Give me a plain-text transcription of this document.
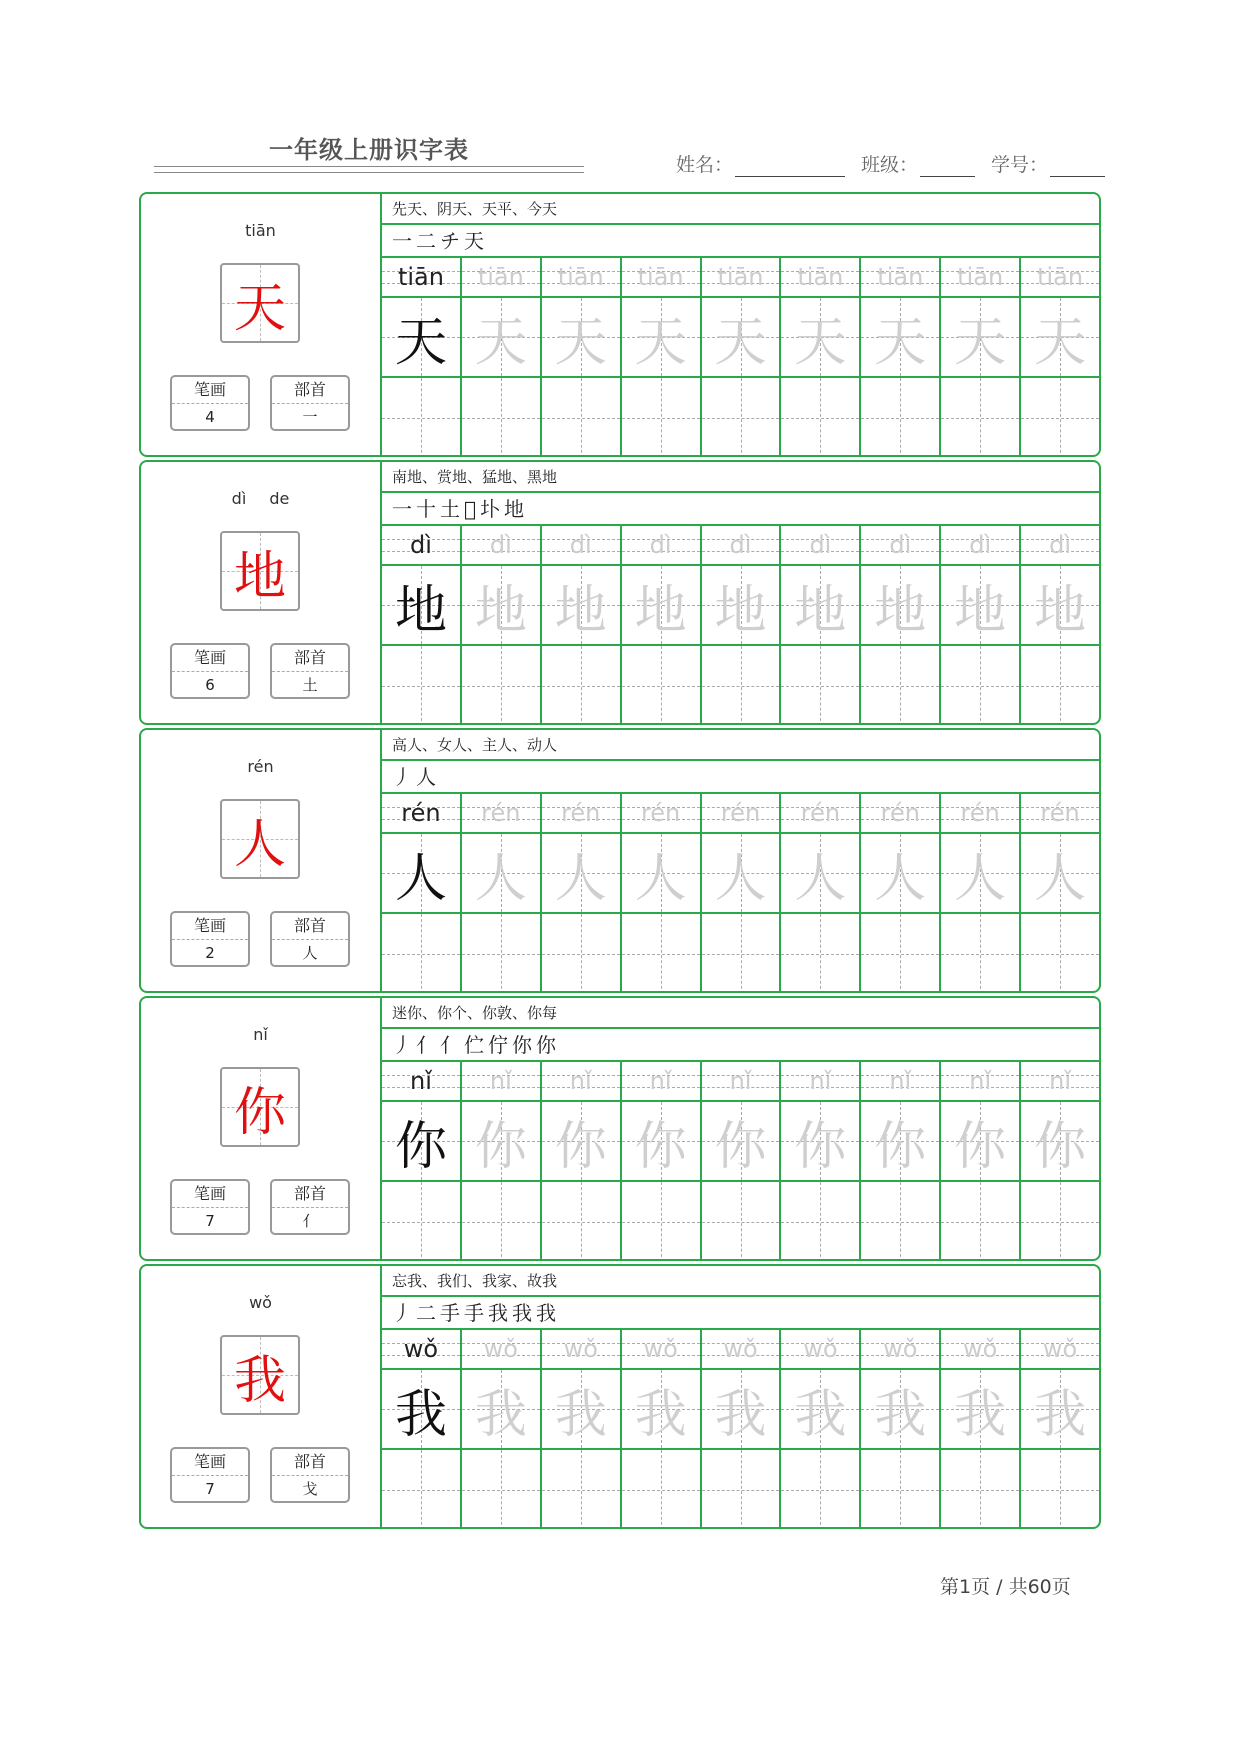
一年级上册识字表
姓名：	班级：	学号：
tiān
天
笔画
4
部首
一
先天、阴天、天平、今天
一 二 チ 天
tiān	tiān	tiān	tiān	tiān	tiān	tiān	tiān	tiān
天 天 天 天 天 天 天 天 天
dì de
地
笔画
6
部首
土
南地、赏地、猛地、黑地
一 十 土 𡉈 圤 地
dì	dì	dì	dì	dì	dì	dì	dì	dì
地 地 地 地 地 地 地 地 地
rén
人
笔画
2
部首
人
高人、女人、主人、动人
丿 人
rén	rén	rén	rén	rén	rén	rén	rén	rén
人 人 人 人 人 人 人 人 人
nǐ
你
笔画
7
部首
亻
迷你、你个、你敦、你每
丿 亻 亻 伫 佇 你 你
nǐ	nǐ	nǐ	nǐ	nǐ	nǐ	nǐ	nǐ	nǐ
你 你 你 你 你 你 你 你 你
wǒ
我
笔画
7
部首
戈
忘我、我们、我家、故我
丿 二 手 手 我 我 我
wǒ	wǒ	wǒ	wǒ	wǒ	wǒ	wǒ	wǒ	wǒ
我 我 我 我 我 我 我 我 我
第1页 / 共60页
